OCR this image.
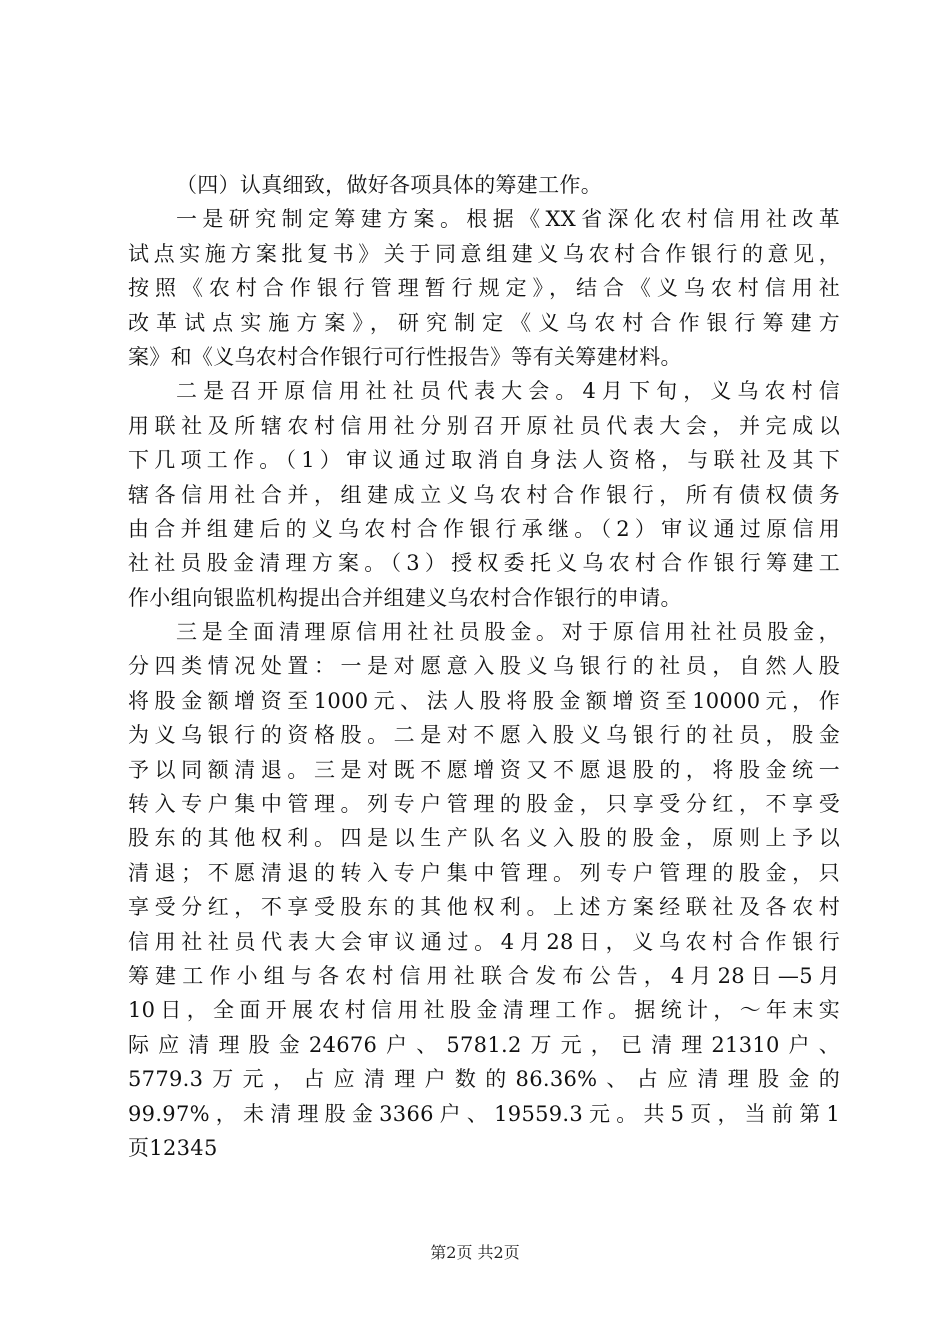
（四）认真细致，做好各项具体的筹建工作。
一是研究制定筹建方案。根据《XX省深化农村信用社改革
试点实施方案批复书》关于同意组建义乌农村合作银行的意见，
按照《农村合作银行管理暂行规定》，结合《义乌农村信用社
改革试点实施方案》，研究制定《义乌农村合作银行筹建方
案》和《义乌农村合作银行可行性报告》等有关筹建材料。
二是召开原信用社社员代表大会。4月下旬，义乌农村信
用联社及所辖农村信用社分别召开原社员代表大会，并完成以
下几项工作。（1）审议通过取消自身法人资格，与联社及其下
辖各信用社合并，组建成立义乌农村合作银行，所有债权债务
由合并组建后的义乌农村合作银行承继。（2）审议通过原信用
社社员股金清理方案。（3）授权委托义乌农村合作银行筹建工
作小组向银监机构提出合并组建义乌农村合作银行的申请。
三是全面清理原信用社社员股金。对于原信用社社员股金，
分四类情况处置：一是对愿意入股义乌银行的社员，自然人股
将股金额增资至1000元、法人股将股金额增资至10000元，作
为义乌银行的资格股。二是对不愿入股义乌银行的社员，股金
予以同额清退。三是对既不愿增资又不愿退股的，将股金统一
转入专户集中管理。列专户管理的股金，只享受分红，不享受
股东的其他权利。四是以生产队名义入股的股金，原则上予以
清退；不愿清退的转入专户集中管理。列专户管理的股金，只
享受分红，不享受股东的其他权利。上述方案经联社及各农村
信用社社员代表大会审议通过。4月28日，义乌农村合作银行
筹建工作小组与各农村信用社联合发布公告，4月28日—5月
10日，全面开展农村信用社股金清理工作。据统计，～年末实
际应清理股金24676户、5781.2万元，已清理21310户、
5779.3万元，占应清理户数的86.36%、占应清理股金的
99.97%，未清理股金3366户、19559.3元。共5页，当前第1
页12345
第2页 共2页
